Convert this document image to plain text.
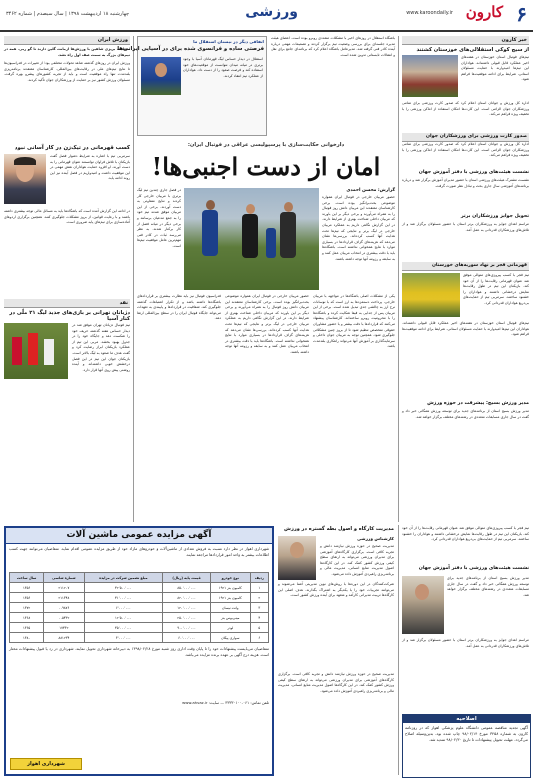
۶
کارون
www.karoondaily.ir
ورزشی
چهارشنبه ۱۸ اردیبهشت ۱۳۹۸ | سال سیصدم | شماره ۳۴۶۲
ورزش ایران
منطقه، بریزی شاهین با ورزش‌ها ازمانت گلین دارند تا گو ربی. همه در تیم‌های بزرگ به سمت صف اول راه نشد.
ورزش ایران در روزهای گذشته شاهد تحولات مختلفی بود؛ از تغییرات در فدراسیون‌ها تا نتایج تیم‌های ملی در رقابت‌های بین‌المللی. کارشناسان معتقدند برنامه‌ریزی بلندمدت تنها راه موفقیت است و باید از تجربه کشورهای پیشرو بهره گرفت. مسئولان ورزش کشور نیز بر حمایت از ورزشکاران جوان تأکید کردند.
کسب قهرمانی در تیک‌زن در کار آسانی نبود
سرمربی تیم با اشاره به شرایط دشوار فصل گفت بازیکنان با تلاش فراوان توانستند عنوان قهرمانی را به دست آورند. او افزود حمایت هواداران نقش مهمی در این موفقیت داشت و امیدواریم در فصل آینده نیز این روند ادامه یابد.
در ادامه این گزارش آمده است که باشگاه‌ها باید به مسائل مالی توجه بیشتری داشته باشند و با رعایت قوانین، از بروز مشکلات جلوگیری کنند. همچنین برگزاری اردوهای آماده‌سازی برای تیم‌های پایه ضروری است.
نقد
دژبانان تهرانی بر بازی‌های جدید لیگ ۲۱ ملّی در کنار آسیا
تیم فوتبال دژبانان تهران موفق شد در دیدار حساس هفته گذشته حریف خود را شکست دهد و جایگاه خود را در جدول بهبود بخشد. مربی این تیم از عملکرد بازیکنان ابراز رضایت کرد و گفت هدف ما صعود به لیگ بالاتر است. بازیکنان جوان این تیم در این فصل درخشش خوبی داشته‌اند و آینده روشنی پیش روی آنها قرار دارد.
اتفاقی دیگر در نیستان استقلال ما
فرصتی ساده و فرانسوی شده برای در آسیایی ایرانی‌ها
استقلال در دیدار حساس لیگ قهرمانان آسیا با وجود برتری در میانه میدان نتوانست از موقعیت‌های خود استفاده کند و فرصت صعود را از دست داد. هواداران از عملکرد تیم انتقاد کردند.
باشگاه استقلال در روزهای اخیر با مشکلات متعددی روبرو بوده است. اعضای هیئت مدیره جلسه‌ای برای بررسی وضعیت تیم برگزار کردند و تصمیمات مهمی درباره آینده کادر فنی گرفته شد. مدیرعامل باشگاه اعلام کرد که برنامه‌ای جامع برای نقل و انتقالات تابستانی تدوین شده است.
دارخوانی حکایت‌سازی با پرسپولیسی عراقی در فوتبال ایران:
امان از دست اجنبی‌ها!
گزارش: محسن احمدی
حضور مربیان خارجی در فوتبال ایران همواره موضوعی بحث‌برانگیز بوده است. برخی کارشناسان معتقدند این مربیان دانش روز فوتبال را به همراه می‌آورند و برخی دیگر بر این باورند که مربیان داخلی شناخت بهتری از شرایط دارند. در این گزارش نگاهی داریم به عملکرد مربیان خارجی در لیگ برتر و نتایجی که تیم‌ها تحت هدایت آنها کسب کرده‌اند. بررسی‌ها نشان می‌دهد که هزینه‌های گزاف قراردادها در بسیاری موارد با نتایج همخوانی نداشته است. باشگاه‌ها باید با دقت بیشتری در انتخاب مربیان عمل کنند و به سابقه و رزومه آنها توجه داشته باشند.
در فصل جاری چندین تیم لیگ برتری با مربیان خارجی کار کردند و نتایج متفاوتی به دست آوردند. برخی از این مربیان موفق شدند تیم خود را به جمع مدعیان برسانند و برخی دیگر در میانه فصل از کار برکنار شدند. به نظر می‌رسد ثبات در کادر فنی مهم‌ترین عامل موفقیت تیم‌ها است.
یکی از مشکلات اصلی باشگاه‌ها در مواجهه با مربیان خارجی، پرداخت دستمزدها به ارز است که با نوسانات نرخ ارز به چالشی جدی تبدیل شده است. برخی از این مربیان پس از جدایی به فیفا شکایت کرده و باشگاه‌ها را با محرومیت روبرو ساخته‌اند. کارشناسان پیشنهاد می‌کنند که قراردادها با دقت بیشتر و با حضور مشاوران حقوقی متخصص تنظیم شود تا از بروز چنین مشکلاتی جلوگیری شود. همچنین توجه به مربیان جوان داخلی و سرمایه‌گذاری بر آموزش آنها می‌تواند راهکاری بلندمدت باشد.
حضور مربیان خارجی در فوتبال ایران همواره موضوعی بحث‌برانگیز بوده است. برخی کارشناسان معتقدند این مربیان دانش روز فوتبال را به همراه می‌آورند و برخی دیگر بر این باورند که مربیان داخلی شناخت بهتری از شرایط دارند. در این گزارش نگاهی داریم به عملکرد مربیان خارجی در لیگ برتر و نتایجی که تیم‌ها تحت هدایت آنها کسب کرده‌اند. بررسی‌ها نشان می‌دهد که هزینه‌های گزاف قراردادها در بسیاری موارد با نتایج همخوانی نداشته است. باشگاه‌ها باید با دقت بیشتری در انتخاب مربیان عمل کنند و به سابقه و رزومه آنها توجه داشته باشند.
فدراسیون فوتبال نیز باید نظارت بیشتری بر قراردادهای باشگاه‌ها داشته باشد و از تکرار اشتباهات گذشته جلوگیری کند. شفافیت در قراردادها و پایبندی به تعهدات می‌تواند جایگاه فوتبال ایران را در سطح بین‌المللی ارتقا دهد.
خبر کارون
از سیج کوکی استقلالی‌های خوزستان کشتند
تیم‌های فوتبال استان خوزستان در هفته‌های اخیر عملکرد قابل قبولی داشته‌اند. هواداران این تیم‌ها امیدوارند با حمایت مسئولان استانی، شرایط برای ادامه موفقیت‌ها فراهم شود.
اداره کل ورزش و جوانان استان اعلام کرد که صدور کارت ورزشی برای تمامی ورزشکاران جوان الزامی است. این کارت‌ها امکان استفاده از اماکن ورزشی را با تخفیف ویژه فراهم می‌کند.
صدور کارت ورزشی برای ورزشکاران جوان
اداره کل ورزش و جوانان استان اعلام کرد که صدور کارت ورزشی برای تمامی ورزشکاران جوان الزامی است. این کارت‌ها امکان استفاده از اماکن ورزشی را با تخفیف ویژه فراهم می‌کند.
نشست هیئت‌های ورزشی با دفتر آموزش جهان
نشست مشترک هیئت‌های ورزشی استان با حضور مدیران آموزش برگزار شد و درباره برنامه‌های آموزشی سال جاری بحث و تبادل نظر صورت گرفت.
تحویل جوایز ورزشکاران برتر
مراسم اهدای جوایز به ورزشکاران برتر استان با حضور مسئولان برگزار شد و از تلاش‌های ورزشکاران قدردانی به عمل آمد.
قهرمانی فجر بر نهاد سوریه‌های خوزستان
تیم فجر با کسب پیروزی‌های متوالی موفق شد عنوان قهرمانی رقابت‌ها را از آن خود کند. بازیکنان این تیم در طول رقابت‌ها نمایش درخشانی داشتند و هواداران را خشنود ساختند. سرمربی تیم از حمایت‌های بی‌دریغ هواداران قدردانی کرد.
تیم‌های فوتبال استان خوزستان در هفته‌های اخیر عملکرد قابل قبولی داشته‌اند. هواداران این تیم‌ها امیدوارند با حمایت مسئولان استانی، شرایط برای ادامه موفقیت‌ها فراهم شود.
مدیر ورزش بسیج: پیشرفت در حوزه ورزش
مدیر ورزش بسیج استان از برنامه‌های جدید برای توسعه ورزش همگانی خبر داد و گفت در سال جاری مسابقات متعددی در رشته‌های مختلف برگزار خواهد شد.
تیم فجر با کسب پیروزی‌های متوالی موفق شد عنوان قهرمانی رقابت‌ها را از آن خود کند. بازیکنان این تیم در طول رقابت‌ها نمایش درخشانی داشتند و هواداران را خشنود ساختند. سرمربی تیم از حمایت‌های بی‌دریغ هواداران قدردانی کرد.
نشست هیئت‌های ورزشی با دفتر آموزش جهان
مدیر ورزش بسیج استان از برنامه‌های جدید برای توسعه ورزش همگانی خبر داد و گفت در سال جاری مسابقات متعددی در رشته‌های مختلف برگزار خواهد شد.
مراسم اهدای جوایز به ورزشکاران برتر استان با حضور مسئولان برگزار شد و از تلاش‌های ورزشکاران قدردانی به عمل آمد.
اصلاحیه
آگهی تجدید مناقصه عمومی دانشگاه علوم پزشکی اهواز که در روزنامه کارون به شماره ۳۴۵۸ مورخ ۹۸/۰۲/۱۴ چاپ شده بود، بدین‌وسیله اصلاح می‌گردد. مهلت تحویل پیشنهادات تا تاریخ ۹۸/۰۲/۳۰ تمدید شد.
مدیریت کارگاه و اصول بطه گستره در ورزش
کارشناس ورزشی
مدیریت صحیح در حوزه ورزش نیازمند دانش و تجربه کافی است. برگزاری کارگاه‌های آموزشی برای مدیران ورزشی می‌تواند به ارتقای سطح کیفی ورزش کشور کمک کند. در این کارگاه‌ها اصول مدیریت منابع انسانی، مدیریت مالی و برنامه‌ریزی راهبردی آموزش داده می‌شود.
شرکت‌کنندگان در این دوره‌ها با روش‌های نوین مدیریتی آشنا می‌شوند و می‌توانند تجربیات خود را با یکدیگر به اشتراک بگذارند. هدف اصلی این کارگاه‌ها تربیت مدیرانی کارآمد و متعهد برای آینده ورزش کشور است.
مدیریت صحیح در حوزه ورزش نیازمند دانش و تجربه کافی است. برگزاری کارگاه‌های آموزشی برای مدیران ورزشی می‌تواند به ارتقای سطح کیفی ورزش کشور کمک کند. در این کارگاه‌ها اصول مدیریت منابع انسانی، مدیریت مالی و برنامه‌ریزی راهبردی آموزش داده می‌شود.
آگهی مزایده عمومی ماشین آلات
شهرداری اهواز در نظر دارد نسبت به فروش تعدادی از ماشین‌آلات و خودروهای مازاد خود از طریق مزایده عمومی اقدام نماید. متقاضیان می‌توانند جهت کسب اطلاعات بیشتر به واحد امور قراردادها مراجعه نمایند.
ردیف	نوع خودرو	قیمت پایه (ریال)	مبلغ تضمین شرکت در مزایده	شماره شاسی	سال ساخت
۱	کامیون بنز ۱۹۲۱	۸۵۰٬۰۰۰٬۰۰۰	۴۲٬۵۰۰٬۰۰۰	۲۱۱۲۰۷	۱۳۵۶
۲	کامیون بنز ۱۹۲۱	۸۲۰٬۰۰۰٬۰۰۰	۴۱٬۰۰۰٬۰۰۰	۲۱۱۳۴۸	۱۳۵۶
۳	وانت نیسان	۱۲۰٬۰۰۰٬۰۰۰	۶٬۰۰۰٬۰۰۰	۰۰۹۸۷۶	۱۳۷۲
۴	مینی‌بوس بنز	۲۵۰٬۰۰۰٬۰۰۰	۱۲٬۵۰۰٬۰۰۰	۰۰۵۴۳۲	۱۳۶۸
۵	لودر	۹۰۰٬۰۰۰٬۰۰۰	۴۵٬۰۰۰٬۰۰۰	۱۷۴۳۲	۱۳۶۵
۶	سواری پیکان	۶۰٬۰۰۰٬۰۰۰	۳٬۰۰۰٬۰۰۰	۸۸۱۲۳۴	۱۳۸۰
متقاضیان می‌بایست پیشنهادات خود را تا پایان وقت اداری روز شنبه مورخ ۱۳۹۸/۰۲/۲۸ به دبیرخانه شهرداری تحویل نمایند. شهرداری در رد یا قبول پیشنهادات مختار است. هزینه درج آگهی بر عهده برنده مزایده می‌باشد.
تلفن تماس: ۰۶۱-۳۳۳۳۰۱۰۰ — سایت: www.ahvaz.ir
شهرداری اهواز
